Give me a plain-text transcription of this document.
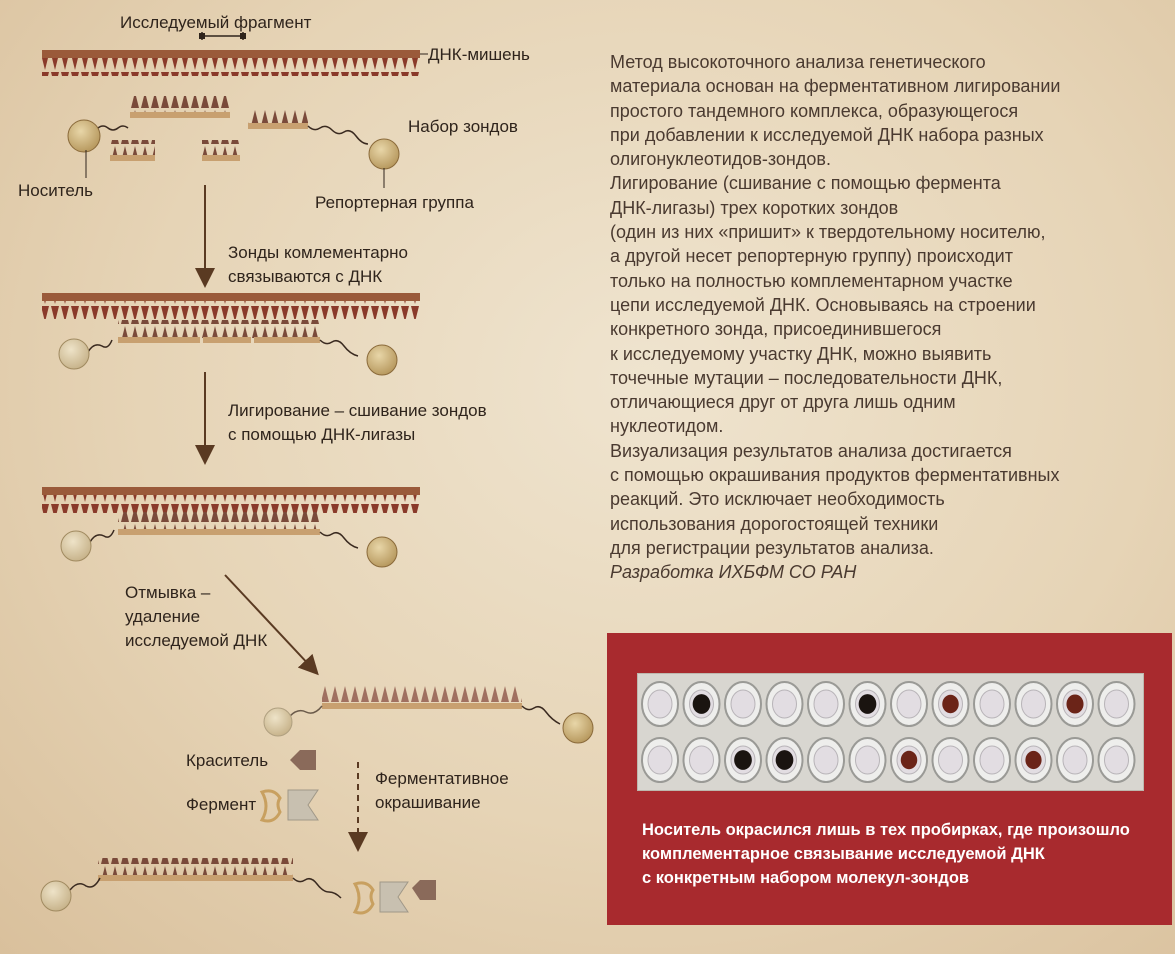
Исследуемый фрагмент
ДНК-мишень
Набор зондов
Носитель
Репортерная группа
Зонды комлементарно
связываются с ДНК
Лигирование – сшивание зондов
с помощью ДНК-лигазы
Отмывка –
удаление
исследуемой ДНК
Краситель
Фермент
Ферментативное
окрашивание

Метод высокоточного анализа генетического

материала основан на ферментативном лигировании

простого тандемного комплекса, образующегося

при добавлении к исследуемой ДНК набора разных

олигонуклеотидов-зондов.

Лигирование (сшивание с помощью фермента

ДНК-лигазы) трех коротких зондов

(один из них «пришит» к твердотельному носителю,

а другой несет репортерную группу) происходит

только на полностью комплементарном участке

цепи исследуемой ДНК. Основываясь на строении

конкретного зонда, присоединившегося

к исследуемому участку ДНК, можно выявить

точечные мутации – последовательности ДНК,

отличающиеся друг от друга лишь одним

нуклеотидом.

Визуализация результатов анализа достигается

с помощью окрашивания продуктов ферментативных

реакций. Это исключает необходимость

использования дорогостоящей техники

для регистрации результатов анализа.

Разработка ИХБФМ СО РАН

Носитель окрасился лишь в тех пробирках, где произошло
комплементарное связывание исследуемой ДНК
с конкретным набором молекул-зондов
